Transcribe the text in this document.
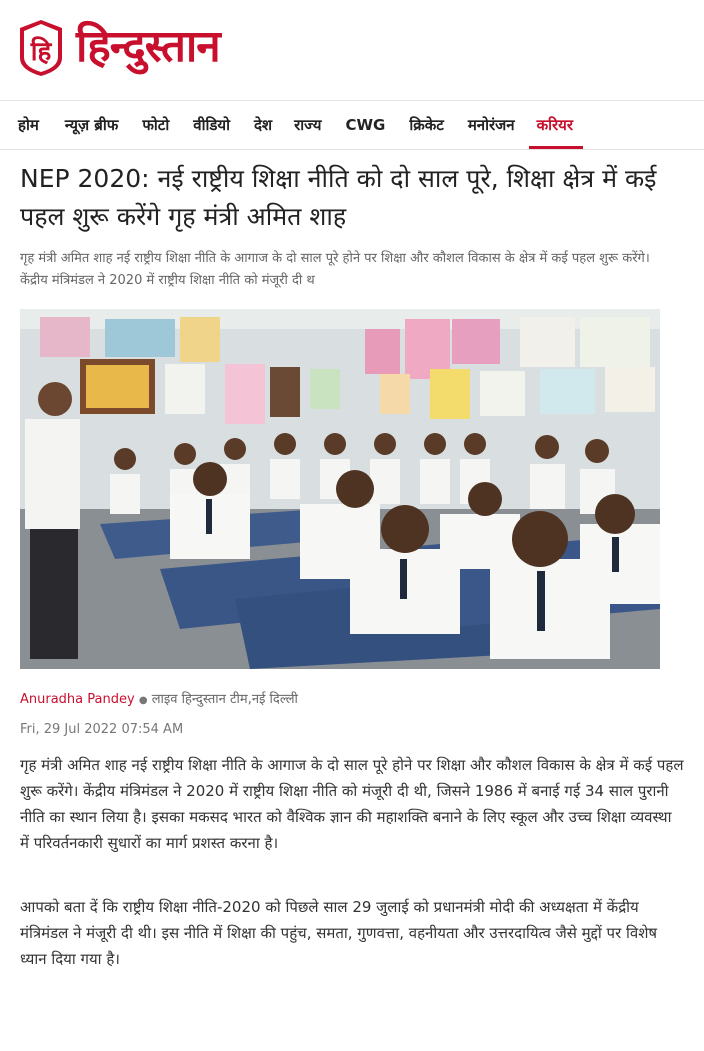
हि हिन्दुस्तान
होम न्यूज़ ब्रीफ फोटो वीडियो देश राज्य CWG क्रिकेट मनोरंजन करियर
NEP 2020: नई राष्ट्रीय शिक्षा नीति को दो साल पूरे, शिक्षा क्षेत्र में कई पहल शुरू करेंगे गृह मंत्री अमित शाह

गृह मंत्री अमित शाह नई राष्ट्रीय शिक्षा नीति के आगाज के दो साल पूरे होने पर शिक्षा और कौशल विकास के क्षेत्र में कई पहल शुरू करेंगे। केंद्रीय मंत्रिमंडल ने 2020 में राष्ट्रीय शिक्षा नीति को मंजूरी दी थ

Anuradha Pandey ● लाइव हिन्दुस्तान टीम,नई दिल्ली
Fri, 29 Jul 2022 07:54 AM

गृह मंत्री अमित शाह नई राष्ट्रीय शिक्षा नीति के आगाज के दो साल पूरे होने पर शिक्षा और कौशल विकास के क्षेत्र में कई पहल शुरू करेंगे। केंद्रीय मंत्रिमंडल ने 2020 में राष्ट्रीय शिक्षा नीति को मंजूरी दी थी, जिसने 1986 में बनाई गई 34 साल पुरानी नीति का स्थान लिया है। इसका मकसद भारत को वैश्विक ज्ञान की महाशक्ति बनाने के लिए स्कूल और उच्च शिक्षा व्यवस्था में परिवर्तनकारी सुधारों का मार्ग प्रशस्त करना है।

आपको बता दें कि राष्ट्रीय शिक्षा नीति-2020 को पिछले साल 29 जुलाई को प्रधानमंत्री मोदी की अध्यक्षता में केंद्रीय मंत्रिमंडल ने मंजूरी दी थी। इस नीति में शिक्षा की पहुंच, समता, गुणवत्ता, वहनीयता और उत्तरदायित्व जैसे मुद्दों पर विशेष ध्यान दिया गया है।
